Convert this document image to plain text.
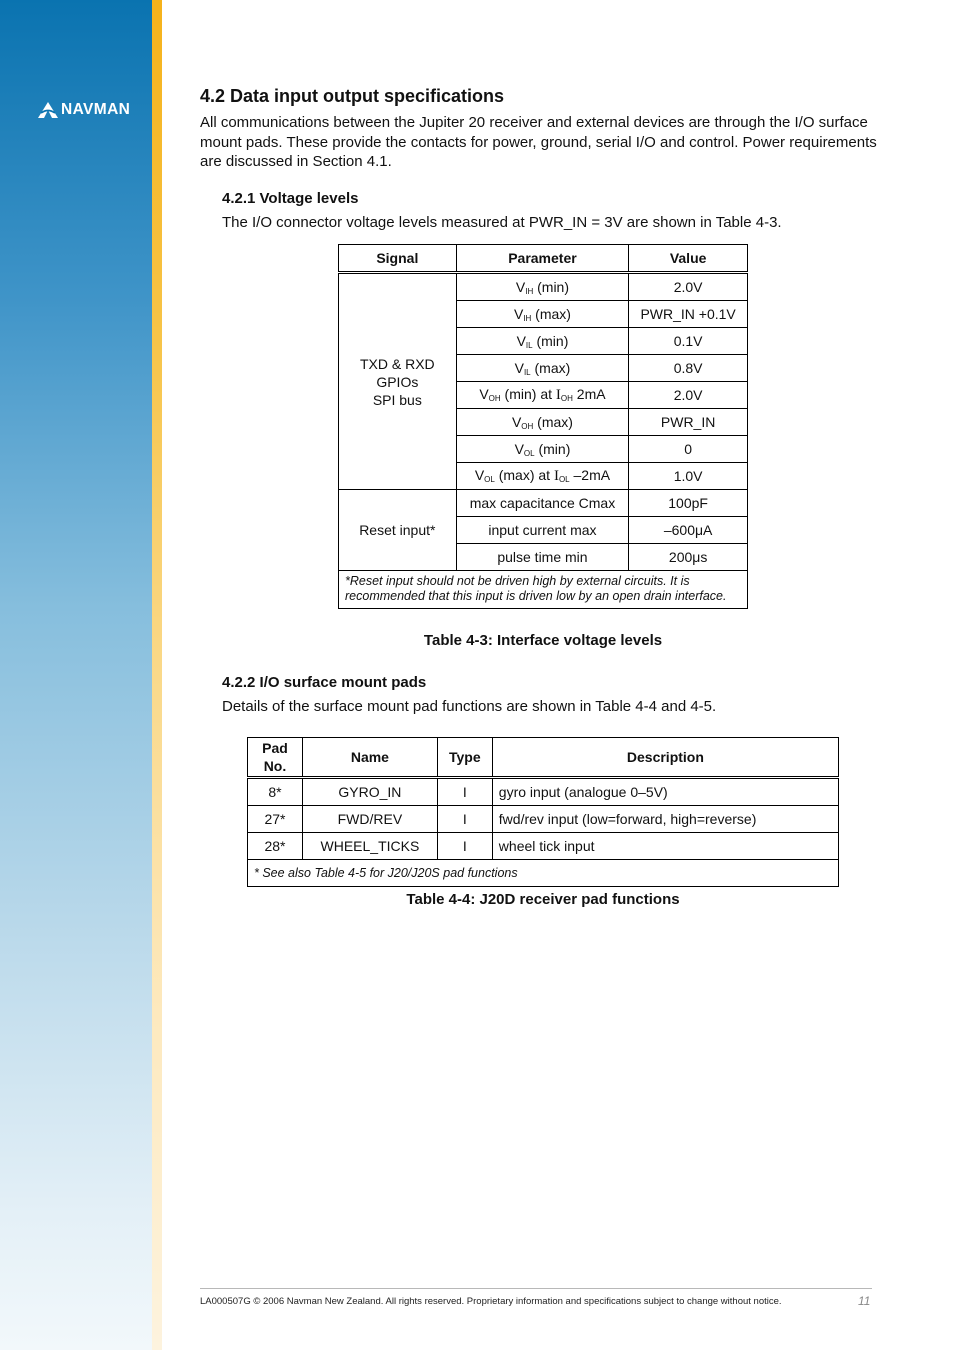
NAVMAN
4.2 Data input output specifications

All communications between the Jupiter 20 receiver and external devices are through the I/O surface mount pads. These provide the contacts for power, ground, serial I/O and control. Power requirements are discussed in Section 4.1.

4.2.1 Voltage levels

The I/O connector voltage levels measured at PWR_IN = 3V are shown in Table 4-3.

Signal	Parameter	Value

TXD & RXD
GPIOs
SPI bus	$V_{IH}$ (min)	2.0V
	$V_{IH}$ (max)	PWR_IN +0.1V
	$V_{IL}$ (min)	0.1V
	$V_{IL}$ (max)	0.8V
	$V_{OH}$ (min) at $I_{OH}$ 2mA	2.0V
	$V_{OH}$ (max)	PWR_IN
	$V_{OL}$ (min)	0
	$V_{OL}$ (max) at $I_{OL}$ –2mA	1.0V
Reset input*	max capacitance Cmax	100pF
	input current max	–600μA
	pulse time min	200μs
*Reset input should not be driven high by external circuits. It is recommended that this input is driven low by an open drain interface.		

Table 4-3: Interface voltage levels

4.2.2 I/O surface mount pads

Details of the surface mount pad functions are shown in Table 4-4 and 4-5.

Pad No.	Name	Type	Description
8*	GYRO_IN	I	gyro input (analogue 0–5V)
27*	FWD/REV	I	fwd/rev input (low=forward, high=reverse)
28*	WHEEL_TICKS	I	wheel tick input
* See also Table 4-5 for J20/J20S pad functions			

Table 4-4: J20D receiver pad functions

LA000507G © 2006 Navman New Zealand. All rights reserved. Proprietary information and specifications subject to change without notice.	11
